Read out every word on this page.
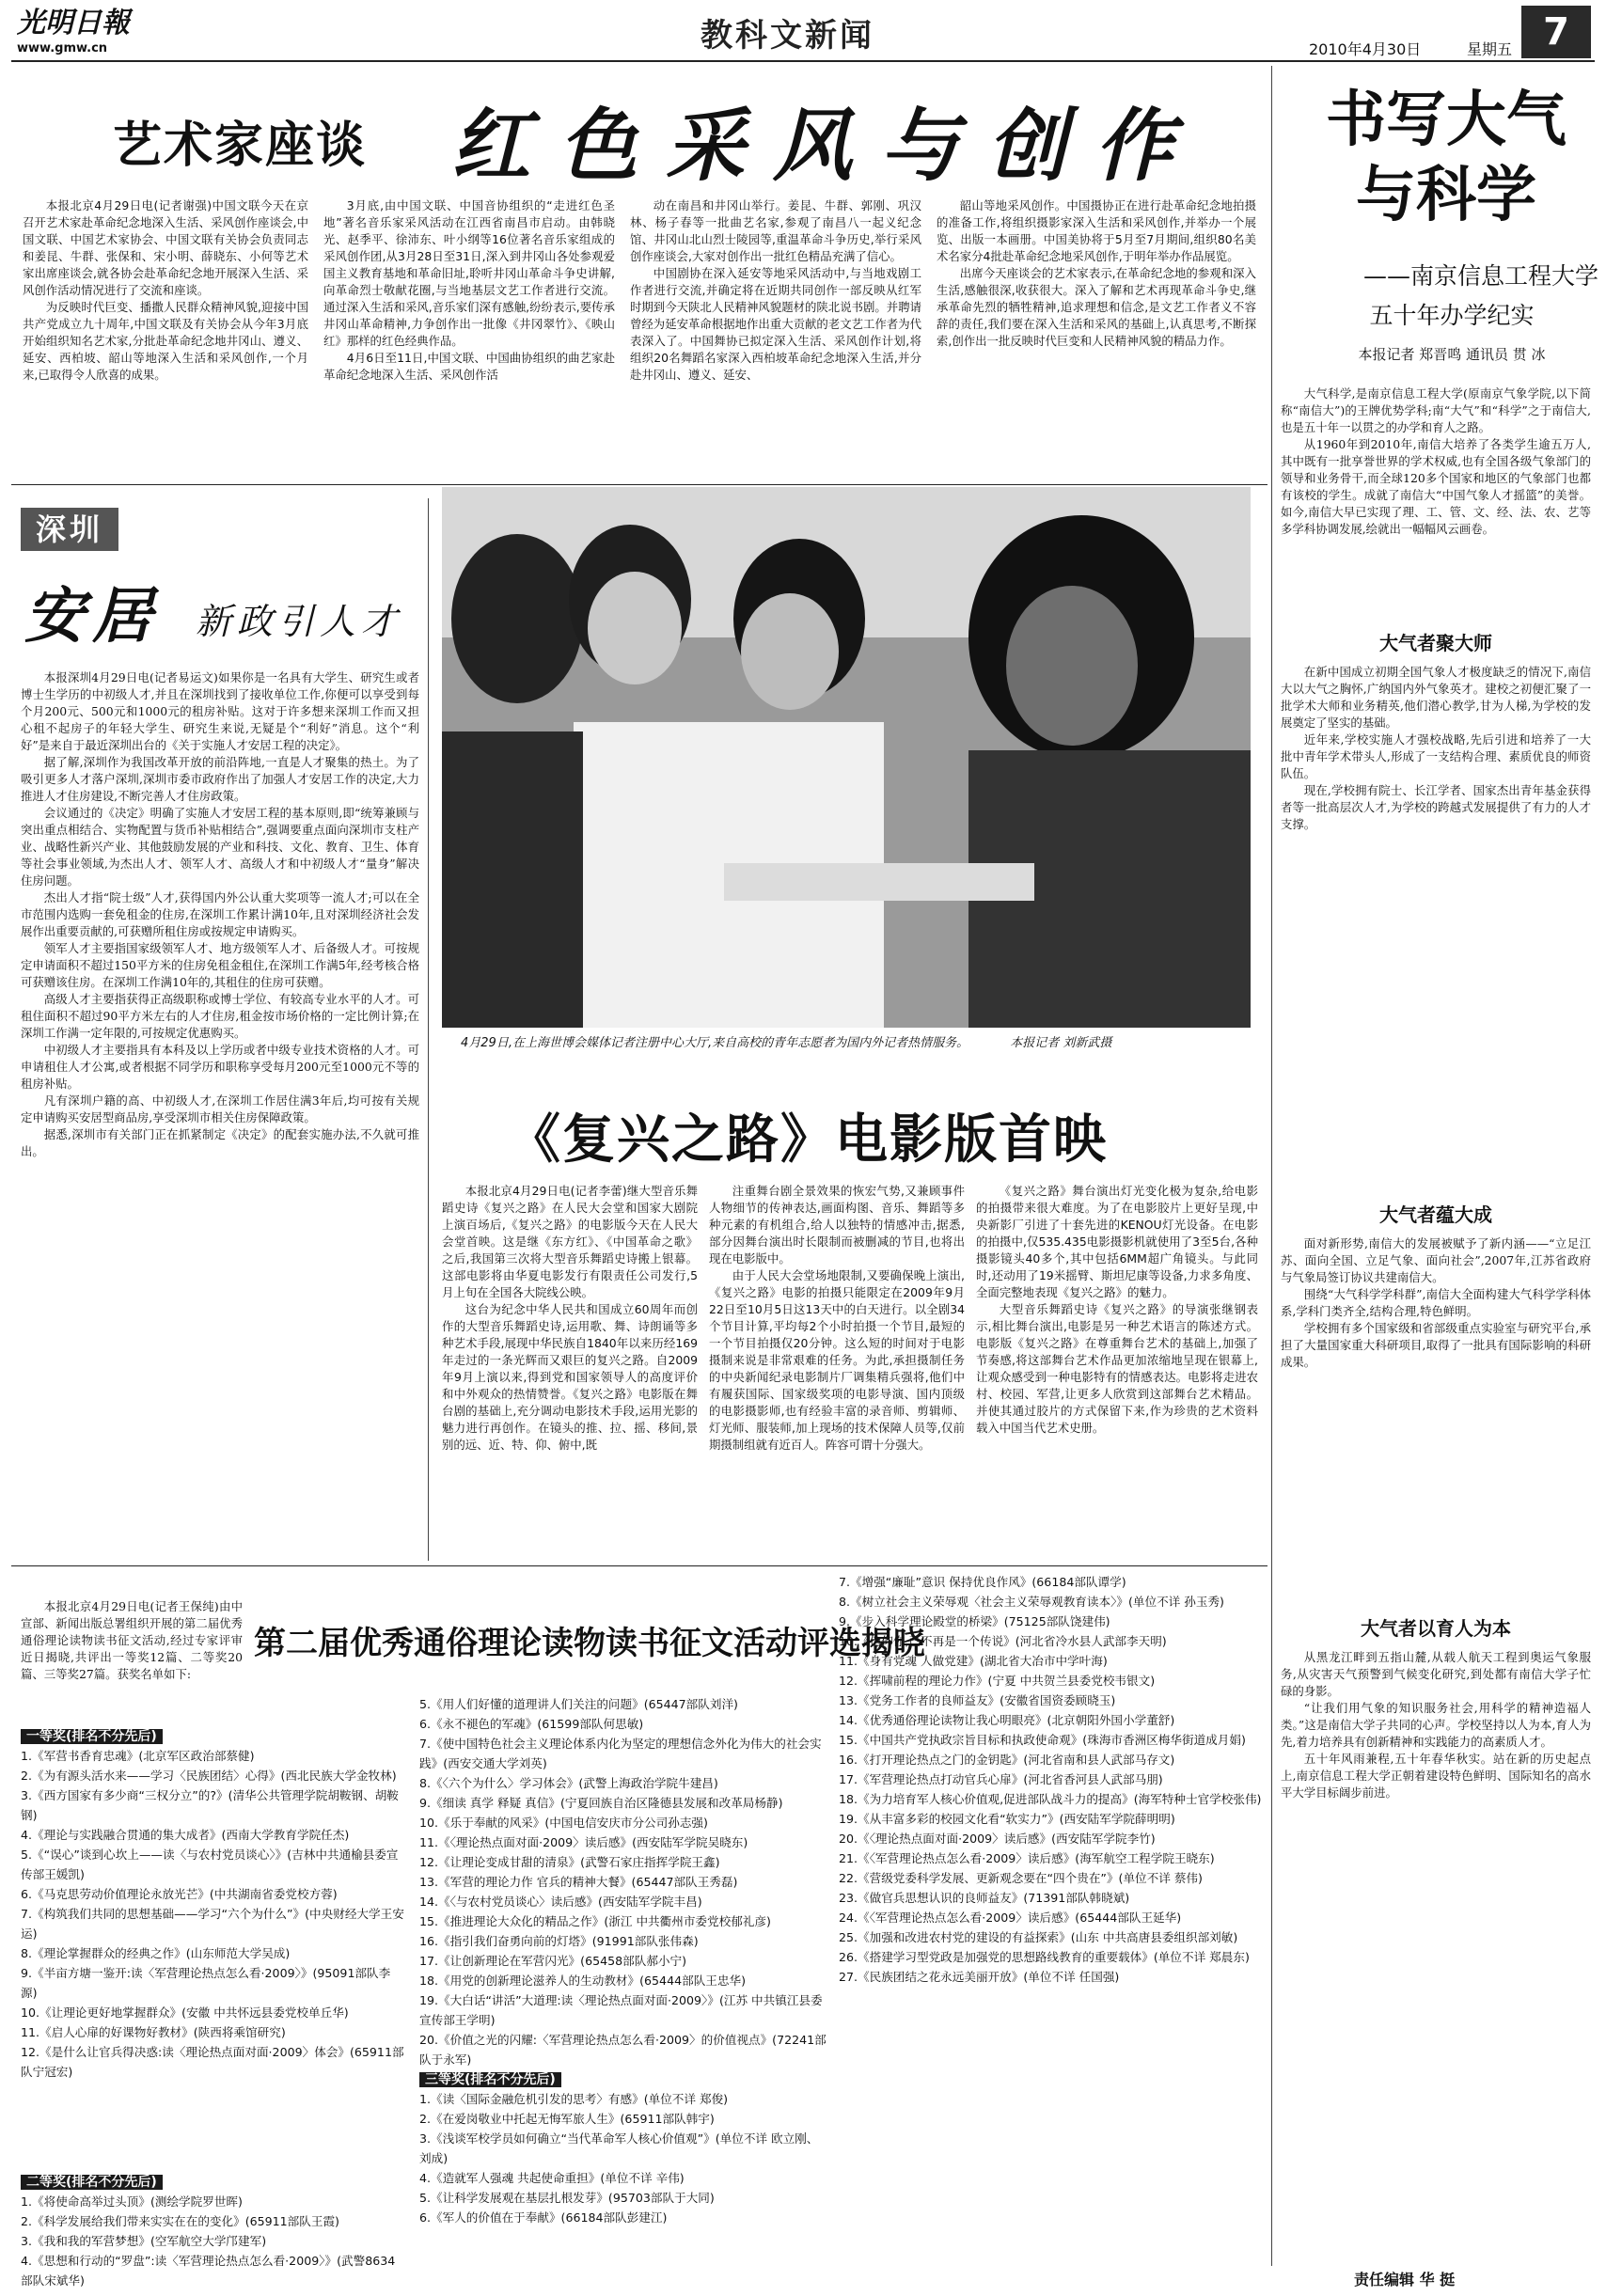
光明日報
www.gmw.cn	教科文新闻	2010年4月30日	星期五 7
艺术家座谈 红色采风与创作

本报北京4月29日电(记者谢强)中国文联今天在京召开艺术家赴革命纪念地深入生活、采风创作座谈会,中国文联、中国艺术家协会、中国文联有关协会负责同志和姜昆、牛群、张保和、宋小明、薛晓东、小何等艺术家出席座谈会,就各协会赴革命纪念地开展深入生活、采风创作活动情况进行了交流和座谈。

为反映时代巨变、播撒人民群众精神风貌,迎接中国共产党成立九十周年,中国文联及有关协会从今年3月底开始组织知名艺术家,分批赴革命纪念地井冈山、遵义、延安、西柏坡、韶山等地深入生活和采风创作,一个月来,已取得令人欣喜的成果。

3月底,由中国文联、中国音协组织的“走进红色圣地”著名音乐家采风活动在江西省南昌市启动。由韩晓光、赵季平、徐沛东、叶小纲等16位著名音乐家组成的采风创作团,从3月28日至31日,深入到井冈山各处参观爱国主义教育基地和革命旧址,聆听井冈山革命斗争史讲解,向革命烈士敬献花圈,与当地基层文艺工作者进行交流。通过深入生活和采风,音乐家们深有感触,纷纷表示,要传承井冈山革命精神,力争创作出一批像《井冈翠竹》、《映山红》那样的红色经典作品。

4月6日至11日,中国文联、中国曲协组织的曲艺家赴革命纪念地深入生活、采风创作活

动在南昌和井冈山举行。姜昆、牛群、郭刚、巩汉林、杨子春等一批曲艺名家,参观了南昌八一起义纪念馆、井冈山北山烈士陵园等,重温革命斗争历史,举行采风创作座谈会,大家对创作出一批红色精品充满了信心。

中国剧协在深入延安等地采风活动中,与当地戏剧工作者进行交流,并确定将在近期共同创作一部反映从红军时期到今天陕北人民精神风貌题材的陕北说书剧。并聘请曾经为延安革命根据地作出重大贡献的老文艺工作者为代表深入了。中国舞协已拟定深入生活、采风创作计划,将组织20名舞蹈名家深入西柏坡革命纪念地深入生活,并分赴井冈山、遵义、延安、

韶山等地采风创作。中国摄协正在进行赴革命纪念地拍摄的准备工作,将组织摄影家深入生活和采风创作,并举办一个展览、出版一本画册。中国美协将于5月至7月期间,组织80名美术名家分4批赴革命纪念地采风创作,于明年举办作品展览。

出席今天座谈会的艺术家表示,在革命纪念地的参观和深入生活,感触很深,收获很大。深入了解和艺术再现革命斗争史,继承革命先烈的牺牲精神,追求理想和信念,是文艺工作者义不容辞的责任,我们要在深入生活和采风的基础上,认真思考,不断探索,创作出一批反映时代巨变和人民精神风貌的精品力作。

书写大气
与科学
——南京信息工程大学
五十年办学纪实
本报记者 郑晋鸣 通讯员 贯 冰

大气科学,是南京信息工程大学(原南京气象学院,以下简称“南信大”)的王牌优势学科;南“大气”和“科学”之于南信大,也是五十年一以贯之的办学和育人之路。

从1960年到2010年,南信大培养了各类学生逾五万人,其中既有一批享誉世界的学术权威,也有全国各级气象部门的领导和业务骨干,而全球120多个国家和地区的气象部门也都有该校的学生。成就了南信大“中国气象人才摇篮”的美誉。如今,南信大早已实现了理、工、管、文、经、法、农、艺等多学科协调发展,绘就出一幅幅风云画卷。

大气者聚大师

在新中国成立初期全国气象人才极度缺乏的情况下,南信大以大气之胸怀,广纳国内外气象英才。建校之初便汇聚了一批学术大师和业务精英,他们潜心教学,甘为人梯,为学校的发展奠定了坚实的基础。

近年来,学校实施人才强校战略,先后引进和培养了一大批中青年学术带头人,形成了一支结构合理、素质优良的师资队伍。

现在,学校拥有院士、长江学者、国家杰出青年基金获得者等一批高层次人才,为学校的跨越式发展提供了有力的人才支撑。

大气者蕴大成

面对新形势,南信大的发展被赋予了新内涵——“立足江苏、面向全国、立足气象、面向社会”,2007年,江苏省政府与气象局签订协议共建南信大。

围绕“大气科学学科群”,南信大全面构建大气科学学科体系,学科门类齐全,结构合理,特色鲜明。

学校拥有多个国家级和省部级重点实验室与研究平台,承担了大量国家重大科研项目,取得了一批具有国际影响的科研成果。

大气者以育人为本

从黑龙江畔到五指山麓,从载人航天工程到奥运气象服务,从灾害天气预警到气候变化研究,到处都有南信大学子忙碌的身影。

“让我们用气象的知识服务社会,用科学的精神造福人类。”这是南信大学子共同的心声。学校坚持以人为本,育人为先,着力培养具有创新精神和实践能力的高素质人才。

五十年风雨兼程,五十年春华秋实。站在新的历史起点上,南京信息工程大学正朝着建设特色鲜明、国际知名的高水平大学目标阔步前进。

责任编辑 华 挺
深圳
安居 新政引人才

本报深圳4月29日电(记者易运文)如果你是一名具有大学生、研究生或者博士生学历的中初级人才,并且在深圳找到了接收单位工作,你便可以享受到每个月200元、500元和1000元的租房补贴。这对于许多想来深圳工作而又担心租不起房子的年轻大学生、研究生来说,无疑是个“利好”消息。这个“利好”是来自于最近深圳出台的《关于实施人才安居工程的决定》。

据了解,深圳作为我国改革开放的前沿阵地,一直是人才聚集的热土。为了吸引更多人才落户深圳,深圳市委市政府作出了加强人才安居工作的决定,大力推进人才住房建设,不断完善人才住房政策。

会议通过的《决定》明确了实施人才安居工程的基本原则,即“统筹兼顾与突出重点相结合、实物配置与货币补贴相结合”,强调要重点面向深圳市支柱产业、战略性新兴产业、其他鼓励发展的产业和科技、文化、教育、卫生、体育等社会事业领域,为杰出人才、领军人才、高级人才和中初级人才“量身”解决住房问题。

杰出人才指“院士级”人才,获得国内外公认重大奖项等一流人才;可以在全市范围内选购一套免租金的住房,在深圳工作累计满10年,且对深圳经济社会发展作出重要贡献的,可获赠所租住房或按规定申请购买。

领军人才主要指国家级领军人才、地方级领军人才、后备级人才。可按规定申请面积不超过150平方米的住房免租金租住,在深圳工作满5年,经考核合格可获赠该住房。在深圳工作满10年的,其租住的住房可获赠。

高级人才主要指获得正高级职称或博士学位、有较高专业水平的人才。可租住面积不超过90平方米左右的人才住房,租金按市场价格的一定比例计算;在深圳工作满一定年限的,可按规定优惠购买。

中初级人才主要指具有本科及以上学历或者中级专业技术资格的人才。可申请租住人才公寓,或者根据不同学历和职称享受每月200元至1000元不等的租房补贴。

凡有深圳户籍的高、中初级人才,在深圳工作居住满3年后,均可按有关规定申请购买安居型商品房,享受深圳市相关住房保障政策。

据悉,深圳市有关部门正在抓紧制定《决定》的配套实施办法,不久就可推出。

4月29日,在上海世博会媒体记者注册中心大厅,来自高校的青年志愿者为国内外记者热情服务。	本报记者 刘新武摄
《复兴之路》电影版首映

本报北京4月29日电(记者李蕾)继大型音乐舞蹈史诗《复兴之路》在人民大会堂和国家大剧院上演百场后,《复兴之路》的电影版今天在人民大会堂首映。这是继《东方红》、《中国革命之歌》之后,我国第三次将大型音乐舞蹈史诗搬上银幕。这部电影将由华夏电影发行有限责任公司发行,5月上旬在全国各大院线公映。

这台为纪念中华人民共和国成立60周年而创作的大型音乐舞蹈史诗,运用歌、舞、诗朗诵等多种艺术手段,展现中华民族自1840年以来历经169年走过的一条光辉而又艰巨的复兴之路。自2009年9月上演以来,得到党和国家领导人的高度评价和中外观众的热情赞誉。《复兴之路》电影版在舞台剧的基础上,充分调动电影技术手段,运用光影的魅力进行再创作。在镜头的推、拉、摇、移间,景别的远、近、特、仰、俯中,既

注重舞台剧全景效果的恢宏气势,又兼顾事件人物细节的传神表达,画面构图、音乐、舞蹈等多种元素的有机组合,给人以独特的情感冲击,据悉,部分因舞台演出时长限制而被删减的节目,也将出现在电影版中。

由于人民大会堂场地限制,又要确保晚上演出,《复兴之路》电影的拍摄只能限定在2009年9月22日至10月5日这13天中的白天进行。以全剧34个节目计算,平均每2个小时拍摄一个节目,最短的一个节目拍摄仅20分钟。这么短的时间对于电影摄制来说是非常艰难的任务。为此,承担摄制任务的中央新闻纪录电影制片厂调集精兵强将,他们中有履获国际、国家级奖项的电影导演、国内顶级的电影摄影师,也有经验丰富的录音师、剪辑师、灯光师、服装师,加上现场的技术保障人员等,仅前期摄制组就有近百人。阵容可谓十分强大。

《复兴之路》舞台演出灯光变化极为复杂,给电影的拍摄带来很大难度。为了在电影胶片上更好呈现,中央新影厂引进了十套先进的KENOU灯光设备。在电影的拍摄中,仅535.435电影摄影机就使用了3至5台,各种摄影镜头40多个,其中包括6MM超广角镜头。与此同时,还动用了19米摇臂、斯坦尼康等设备,力求多角度、全面完整地表现《复兴之路》的魅力。

大型音乐舞蹈史诗《复兴之路》的导演张继钢表示,相比舞台演出,电影是另一种艺术语言的陈述方式。电影版《复兴之路》在尊重舞台艺术的基础上,加强了节奏感,将这部舞台艺术作品更加浓缩地呈现在银幕上,让观众感受到一种电影特有的情感表达。电影将走进农村、校园、军营,让更多人欣赏到这部舞台艺术精品。并使其通过胶片的方式保留下来,作为珍贵的艺术资料载入中国当代艺术史册。

第二届优秀通俗理论读物读书征文活动评选揭晓

本报北京4月29日电(记者王保纯)由中宣部、新闻出版总署组织开展的第二届优秀通俗理论读物读书征文活动,经过专家评审近日揭晓,共评出一等奖12篇、二等奖20篇、三等奖27篇。获奖名单如下:

一等奖(排名不分先后)
1.《军营书香育忠魂》(北京军区政治部蔡健)
2.《为有源头活水来——学习〈民族团结〉心得》(西北民族大学金牧林)
3.《西方国家有多少商“三权分立”的?》(清华公共管理学院胡鞍钢、胡鞍钢)
4.《理论与实践融合贯通的集大成者》(西南大学教育学院任杰)
5.《“误心”谈到心坎上——读〈与农村党员谈心〉》(吉林中共通榆县委宣传部王媛凯)
6.《马克思劳动价值理论永放光芒》(中共湖南省委党校方蓉)
7.《构筑我们共同的思想基础——学习“六个为什么”》(中央财经大学王安运)
8.《理论掌握群众的经典之作》(山东师范大学吴成)
9.《半亩方塘一鉴开:读〈军营理论热点怎么看·2009〉》(95091部队李源)
10.《让理论更好地掌握群众》(安徽 中共怀远县委党校单丘华)
11.《启人心扉的好课物好教材》(陕西将乘馆研究)
12.《是什么让官兵得决惑:读〈理论热点面对面·2009〉体会》(65911部队宁冠宏)
二等奖(排名不分先后)
1.《将使命高举过头顶》(测绘学院罗世晖)
2.《科学发展给我们带来实实在在的变化》(65911部队王霞)
3.《我和我的军营梦想》(空军航空大学邝建军)
4.《思想和行动的“罗盘”:读〈军营理论热点怎么看·2009〉》(武警8634部队宋斌华)
5.《用人们好懂的道理讲人们关注的问题》(65447部队刘洋)
6.《永不褪色的军魂》(61599部队何思敏)
7.《使中国特色社会主义理论体系内化为坚定的理想信念外化为伟大的社会实践》(西安交通大学刘英)
8.《〈六个为什么〉学习体会》(武警上海政治学院牛建昌)
9.《细读 真学 释疑 真信》(宁夏回族自治区隆德县发展和改革局杨静)
10.《乐于奉献的风采》(中国电信安庆市分公司孙志强)
11.《〈理论热点面对面·2009〉读后感》(西安陆军学院吴晓东)
12.《让理论变成甘甜的清泉》(武警石家庄指挥学院王鑫)
13.《军营的理论力作 官兵的精神大餐》(65447部队王秀磊)
14.《〈与农村党员谈心〉读后感》(西安陆军学院丰昌)
15.《推进理论大众化的精品之作》(浙江 中共衢州市委党校郁礼彦)
16.《指引我们奋勇向前的灯塔》(91991部队张伟森)
17.《让创新理论在军营闪光》(65458部队郝小宁)
18.《用党的创新理论滋养人的生动教材》(65444部队王忠华)
19.《大白话“讲活”大道理:读〈理论热点面对面·2009〉》(江苏 中共镇江县委宣传部王学明)
20.《价值之光的闪耀:〈军营理论热点怎么看·2009〉的价值视点》(72241部队于永军)
三等奖(排名不分先后)
1.《读〈国际金融危机引发的思考〉有感》(单位不详 郑俊)
2.《在爱岗敬业中托起无悔军旅人生》(65911部队韩宇)
3.《浅谈军校学员如何确立“当代革命军人核心价值观”》(单位不详 欧立刚、刘成)
4.《造就军人强魂 共起使命重担》(单位不详 辛伟)
5.《让科学发展观在基层扎根发芽》(95703部队于大同)
6.《军人的价值在于奉献》(66184部队彭建江)
7.《增强“廉耻”意识 保持优良作风》(66184部队谭学)
8.《树立社会主义荣辱观〈社会主义荣辱观教育读本〉》(单位不详 孙玉秀)
9.《步入科学理论殿堂的桥梁》(75125部队饶建伟)
10.《信仰你,已不再是一个传说》(河北省冷水县人武部李天明)
11.《身有党魂 人做党建》(湖北省大冶市中学叶海)
12.《挥啸前程的理论力作》(宁夏 中共贺兰县委党校韦银文)
13.《党务工作者的良师益友》(安徽省国资委顾晓玉)
14.《优秀通俗理论读物让我心明眼亮》(北京朝阳外国小学董舒)
15.《中国共产党执政宗旨目标和执政使命观》(珠海市香洲区梅华街道成月娟)
16.《打开理论热点之门的金钥匙》(河北省南和县人武部马存文)
17.《军营理论热点打动官兵心扉》(河北省香河县人武部马朋)
18.《为力培育军人核心价值观,促进部队战斗力的提高》(海军特种士官学校张伟)
19.《从丰富多彩的校园文化看“软实力”》(西安陆军学院薛明明)
20.《〈理论热点面对面·2009〉读后感》(西安陆军学院李竹)
21.《〈军营理论热点怎么看·2009〉读后感》(海军航空工程学院王晓东)
22.《营级党委科学发展、更新观念要在“四个贵在”》(单位不详 蔡伟)
23.《做官兵思想认识的良师益友》(71391部队韩晓斌)
24.《〈军营理论热点怎么看·2009〉读后感》(65444部队王延华)
25.《加强和改进农村党的建设的有益探索》(山东 中共高唐县委组织部刘敏)
26.《搭建学习型党政是加强党的思想路线教育的重要载体》(单位不详 郑晨东)
27.《民族团结之花永远美丽开放》(单位不详 任国强)
